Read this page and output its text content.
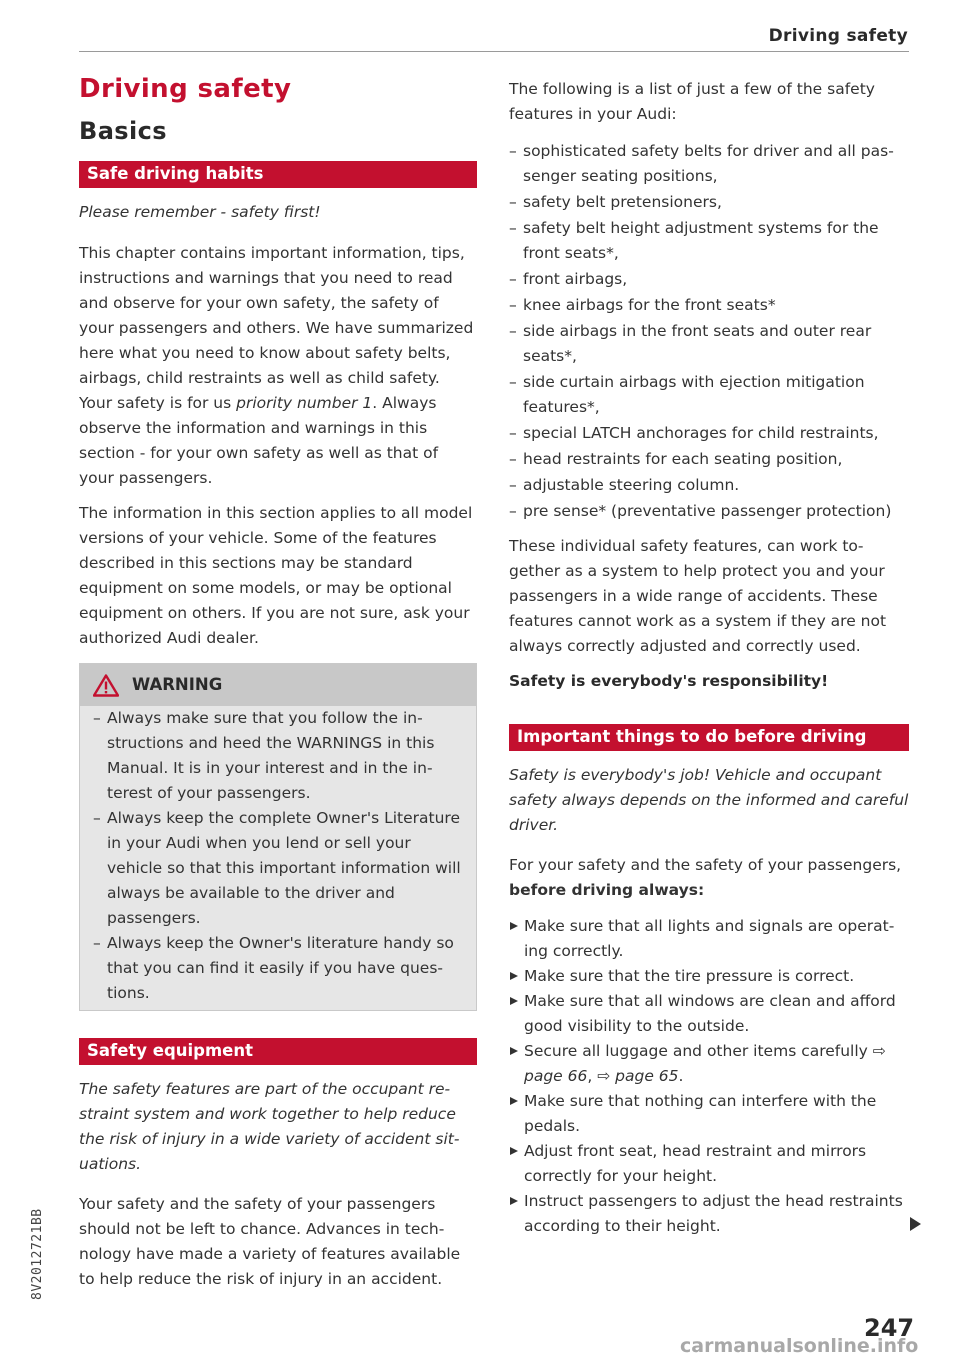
Driving safety
Driving safety
Basics
Safe driving habits
Please remember - safety first!
This chapter contains important information, tips, instructions and warnings that you need to read and observe for your own safety, the safety of your passengers and others. We have summarized here what you need to know about safety belts, airbags, child restraints as well as child safety. Your safety is for us priority number 1. Always observe the information and warnings in this section - for your own safety as well as that of your passengers.
The information in this section applies to all model versions of your vehicle. Some of the features described in this sections may be standard equipment on some models, or may be optional equipment on others. If you are not sure, ask your authorized Audi dealer.
WARNING
– Always make sure that you follow the instructions and heed the WARNINGS in this Manual. It is in your interest and in the interest of your passengers.
– Always keep the complete Owner's Literature in your Audi when you lend or sell your vehicle so that this important information will always be available to the driver and passengers.
– Always keep the Owner's literature handy so that you can find it easily if you have questions.
Safety equipment
The safety features are part of the occupant restraint system and work together to help reduce the risk of injury in a wide variety of accident situations.
Your safety and the safety of your passengers should not be left to chance. Advances in technology have made a variety of features available to help reduce the risk of injury in an accident.
The following is a list of just a few of the safety features in your Audi:
– sophisticated safety belts for driver and all passenger seating positions,
– safety belt pretensioners,
– safety belt height adjustment systems for the front seats*,
– front airbags,
– knee airbags for the front seats*
– side airbags in the front seats and outer rear seats*,
– side curtain airbags with ejection mitigation features*,
– special LATCH anchorages for child restraints,
– head restraints for each seating position,
– adjustable steering column.
– pre sense* (preventative passenger protection)
These individual safety features, can work together as a system to help protect you and your passengers in a wide range of accidents. These features cannot work as a system if they are not always correctly adjusted and correctly used.
Safety is everybody's responsibility!
Important things to do before driving
Safety is everybody's job! Vehicle and occupant safety always depends on the informed and careful driver.
For your safety and the safety of your passengers, before driving always:
Make sure that all lights and signals are operating correctly.
Make sure that the tire pressure is correct.
Make sure that all windows are clean and afford good visibility to the outside.
Secure all luggage and other items carefully ⇨ page 66, ⇨ page 65.
Make sure that nothing can interfere with the pedals.
Adjust front seat, head restraint and mirrors correctly for your height.
Instruct passengers to adjust the head restraints according to their height.
247
8V2012721BB
carmanualsonline.info
